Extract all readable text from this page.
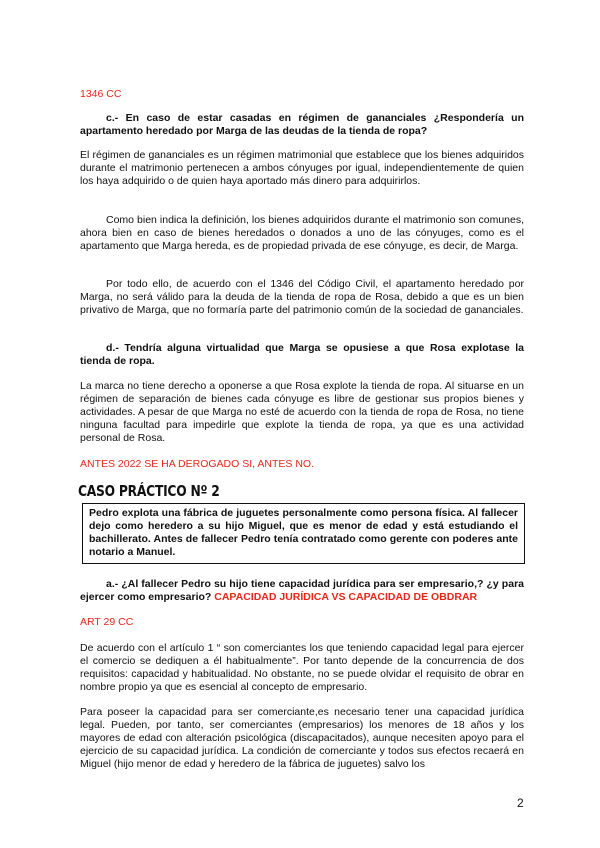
1346 CC

c.- En caso de estar casadas en régimen de gananciales ¿Respondería un apartamento heredado por Marga de las deudas de la tienda de ropa?

El régimen de gananciales es un régimen matrimonial que establece que los bienes adquiridos durante el matrimonio pertenecen a ambos cónyuges por igual, independientemente de quien los haya adquirido o de quien haya aportado más dinero para adquirirlos.

Como bien indica la definición, los bienes adquiridos durante el matrimonio son comunes, ahora bien en caso de bienes heredados o donados a uno de las cónyuges, como es el apartamento que Marga hereda, es de propiedad privada de ese cónyuge, es decir, de Marga.

Por todo ello, de acuerdo con el 1346 del Código Civil, el apartamento heredado por Marga, no será válido para la deuda de la tienda de ropa de Rosa, debido a que es un bien privativo de Marga, que no formaría parte del patrimonio común de la sociedad de gananciales.

d.- Tendría alguna virtualidad que Marga se opusiese a que Rosa explotase la tienda de ropa.

La marca no tiene derecho a oponerse a que Rosa explote la tienda de ropa. Al situarse en un régimen de separación de bienes cada cónyuge es libre de gestionar sus propios bienes y actividades. A pesar de que Marga no esté de acuerdo con la tienda de ropa de Rosa, no tiene ninguna facultad para impedirle que explote la tienda de ropa, ya que es una actividad personal de Rosa.

ANTES 2022 SE HA DEROGADO SI, ANTES NO.

CASO PRÁCTICO Nº 2

Pedro explota una fábrica de juguetes personalmente como persona física. Al fallecer dejo como heredero a su hijo Miguel, que es menor de edad y está estudiando el bachillerato. Antes de fallecer Pedro tenía contratado como gerente con poderes ante notario a Manuel.

a.- ¿Al fallecer Pedro su hijo tiene capacidad jurídica para ser empresario,? ¿y para ejercer como empresario? CAPACIDAD JURÍDICA VS CAPACIDAD DE OBDRAR

ART 29 CC

De acuerdo con el artículo 1 “ son comerciantes los que teniendo capacidad legal para ejercer el comercio se dediquen a él habitualmente”. Por tanto depende de la concurrencia de dos requisitos: capacidad y habitualidad. No obstante, no se puede olvidar el requisito de obrar en nombre propio ya que es esencial al concepto de empresario.

Para poseer la capacidad para ser comerciante,es necesario tener una capacidad jurídica legal. Pueden, por tanto, ser comerciantes (empresarios) los menores de 18 años y los mayores de edad con alteración psicológica (discapacitados), aunque necesiten apoyo para el ejercicio de su capacidad jurídica. La condición de comerciante y todos sus efectos recaerá en Miguel (hijo menor de edad y heredero de la fábrica de juguetes) salvo los

2
